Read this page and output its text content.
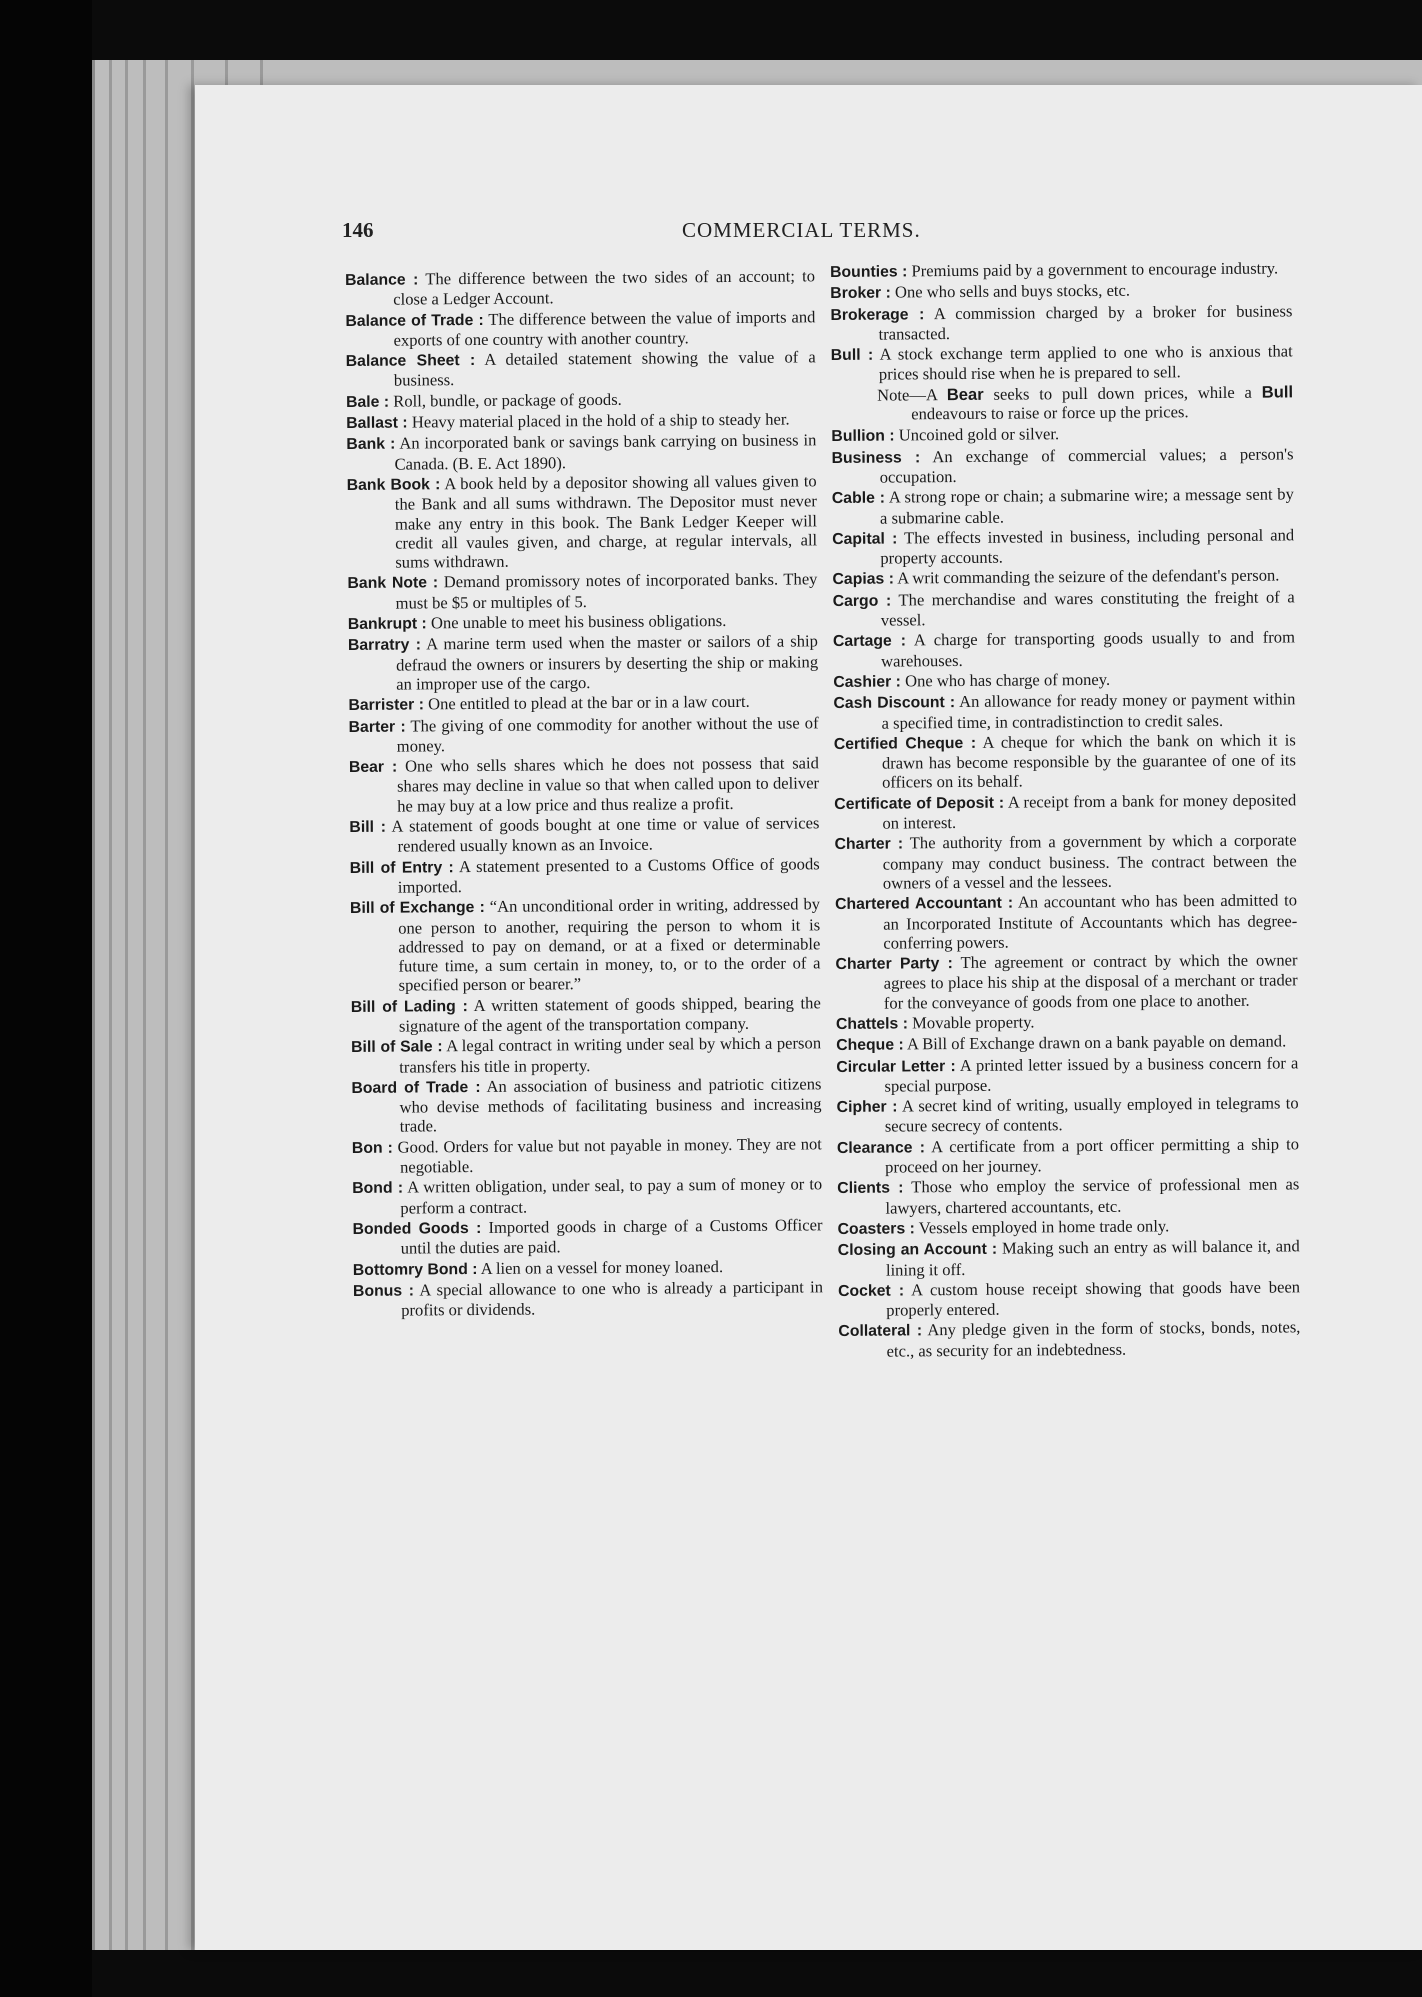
146	COMMERCIAL TERMS.

Balance : The difference between the two sides of an account; to close a Ledger Account.

Balance of Trade : The difference between the value of imports and exports of one country with another country.

Balance Sheet : A detailed statement showing the value of a business.

Bale : Roll, bundle, or package of goods.

Ballast : Heavy material placed in the hold of a ship to steady her.

Bank : An incorporated bank or savings bank carrying on business in Canada. (B. E. Act 1890).

Bank Book : A book held by a depositor showing all values given to the Bank and all sums withdrawn. The Depositor must never make any entry in this book. The Bank Ledger Keeper will credit all vaules given, and charge, at regular intervals, all sums withdrawn.

Bank Note : Demand promissory notes of incorporated banks. They must be $5 or multiples of 5.

Bankrupt : One unable to meet his business obligations.

Barratry : A marine term used when the master or sailors of a ship defraud the owners or insurers by deserting the ship or making an improper use of the cargo.

Barrister : One entitled to plead at the bar or in a law court.

Barter : The giving of one commodity for another without the use of money.

Bear : One who sells shares which he does not possess that said shares may decline in value so that when called upon to deliver he may buy at a low price and thus realize a profit.

Bill : A statement of goods bought at one time or value of services rendered usually known as an Invoice.

Bill of Entry : A statement presented to a Customs Office of goods imported.

Bill of Exchange : “An unconditional order in writing, addressed by one person to another, requiring the person to whom it is addressed to pay on demand, or at a fixed or determinable future time, a sum certain in money, to, or to the order of a specified person or bearer.”

Bill of Lading : A written statement of goods shipped, bearing the signature of the agent of the transportation company.

Bill of Sale : A legal contract in writing under seal by which a person transfers his title in property.

Board of Trade : An association of business and patriotic citizens who devise methods of facilitating business and increasing trade.

Bon : Good. Orders for value but not payable in money. They are not negotiable.

Bond : A written obligation, under seal, to pay a sum of money or to perform a contract.

Bonded Goods : Imported goods in charge of a Customs Officer until the duties are paid.

Bottomry Bond : A lien on a vessel for money loaned.

Bonus : A special allowance to one who is already a participant in profits or dividends.

Bounties : Premiums paid by a government to encourage industry.

Broker : One who sells and buys stocks, etc.

Brokerage : A commission charged by a broker for business transacted.

Bull : A stock exchange term applied to one who is anxious that prices should rise when he is prepared to sell.

Note—A Bear seeks to pull down prices, while a Bull endeavours to raise or force up the prices.

Bullion : Uncoined gold or silver.

Business : An exchange of commercial values; a person's occupation.

Cable : A strong rope or chain; a submarine wire; a message sent by a submarine cable.

Capital : The effects invested in business, including personal and property accounts.

Capias : A writ commanding the seizure of the defendant's person.

Cargo : The merchandise and wares constituting the freight of a vessel.

Cartage : A charge for transporting goods usually to and from warehouses.

Cashier : One who has charge of money.

Cash Discount : An allowance for ready money or payment within a specified time, in contradistinction to credit sales.

Certified Cheque : A cheque for which the bank on which it is drawn has become responsible by the guarantee of one of its officers on its behalf.

Certificate of Deposit : A receipt from a bank for money deposited on interest.

Charter : The authority from a government by which a corporate company may conduct business. The contract between the owners of a vessel and the lessees.

Chartered Accountant : An accountant who has been admitted to an Incorporated Institute of Accountants which has degree-conferring powers.

Charter Party : The agreement or contract by which the owner agrees to place his ship at the disposal of a merchant or trader for the conveyance of goods from one place to another.

Chattels : Movable property.

Cheque : A Bill of Exchange drawn on a bank payable on demand.

Circular Letter : A printed letter issued by a business concern for a special purpose.

Cipher : A secret kind of writing, usually employed in telegrams to secure secrecy of contents.

Clearance : A certificate from a port officer permitting a ship to proceed on her journey.

Clients : Those who employ the service of professional men as lawyers, chartered accountants, etc.

Coasters : Vessels employed in home trade only.

Closing an Account : Making such an entry as will balance it, and lining it off.

Cocket : A custom house receipt showing that goods have been properly entered.

Collateral : Any pledge given in the form of stocks, bonds, notes, etc., as security for an indebtedness.
